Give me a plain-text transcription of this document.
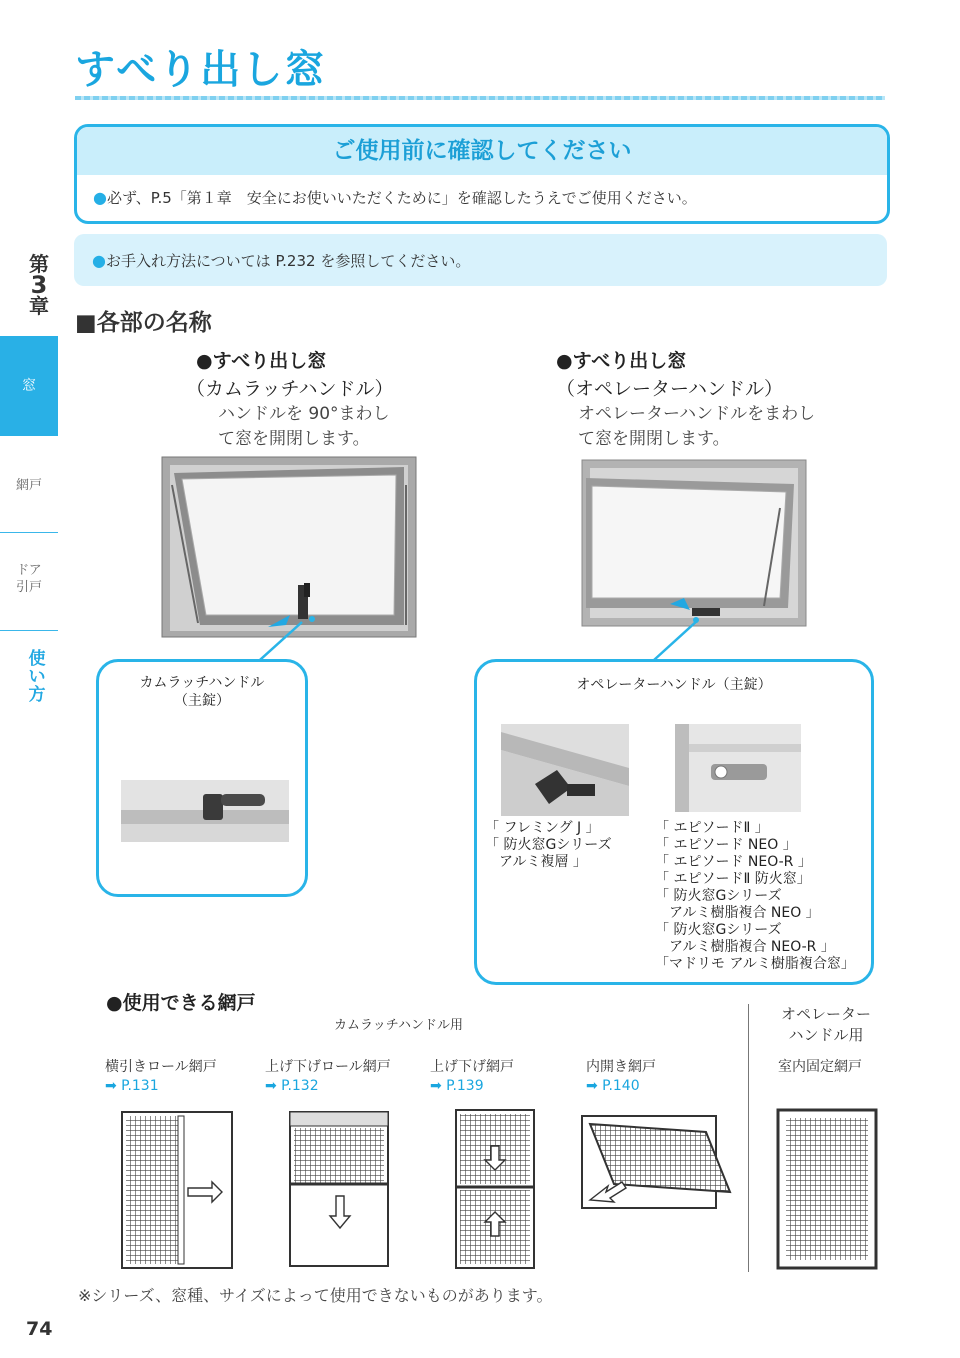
すべり出し窓
ご使用前に確認してください
●必ず、P.5「第１章　安全にお使いいただくために」を確認したうえでご使用ください。
●お手入れ方法については P.232 を参照してください。
第
3
章
窓
網戸
ドア
引戸
使
い
方
■各部の名称
●すべり出し窓
（カムラッチハンドル）
ハンドルを 90°まわし
て窓を開閉します。
カムラッチハンドル
（主錠）
●すべり出し窓
（オペレーターハンドル）
オペレーターハンドルをまわし
て窓を開閉します。
オペレーターハンドル（主錠）
「 フレミング J 」
「 防火窓Gシリーズ
　アルミ複層 」
「 エピソードⅡ 」
「 エピソード NEO 」
「 エピソード NEO-R 」
「 エピソードⅡ 防火窓」
「 防火窓Gシリーズ
　アルミ樹脂複合 NEO 」
「 防火窓Gシリーズ
　アルミ樹脂複合 NEO-R 」
「マドリモ アルミ樹脂複合窓」
●使用できる網戸
カムラッチハンドル用
オペレーター
ハンドル用
横引きロール網戸
➡ P.131
上げ下げロール網戸
➡ P.132
上げ下げ網戸
➡ P.139
内開き網戸
➡ P.140
室内固定網戸
※シリーズ、窓種、サイズによって使用できないものがあります。
74
